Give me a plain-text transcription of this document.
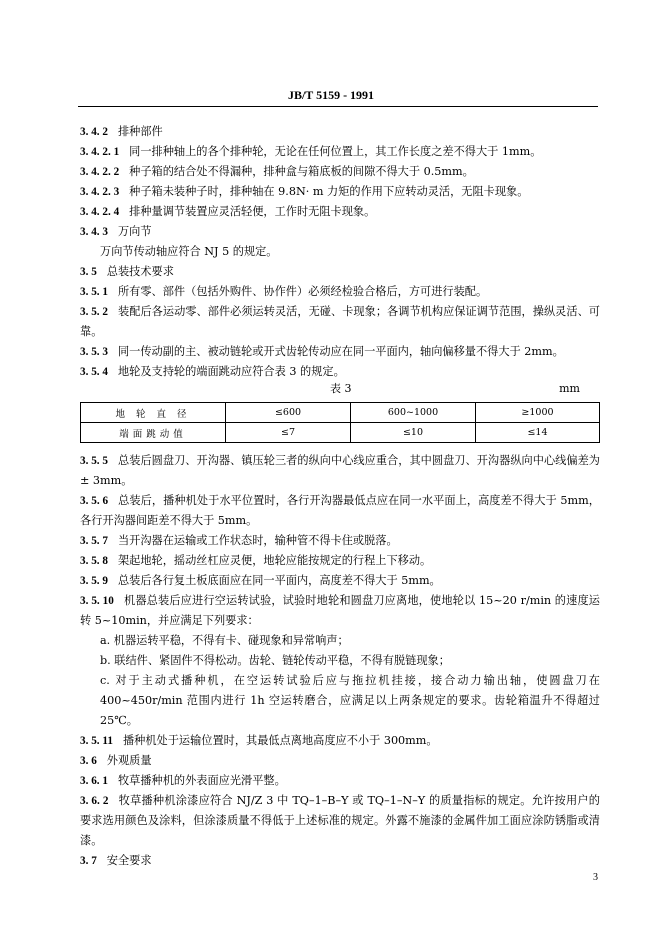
JB/T 5159 - 1991

3. 4. 2 排种部件

3. 4. 2. 1 同一排种轴上的各个排种轮，无论在任何位置上，其工作长度之差不得大于 1mm。

3. 4. 2. 2 种子箱的结合处不得漏种，排种盒与箱底板的间隙不得大于 0.5mm。

3. 4. 2. 3 种子箱未装种子时，排种轴在 9.8N· m 力矩的作用下应转动灵活，无阻卡现象。

3. 4. 2. 4 排种量调节装置应灵活轻便，工作时无阻卡现象。

3. 4. 3 万向节

万向节传动轴应符合 NJ 5 的规定。

3. 5 总装技术要求

3. 5. 1 所有零、部件（包括外购件、协作件）必须经检验合格后，方可进行装配。

3. 5. 2 装配后各运动零、部件必须运转灵活，无碰、卡现象；各调节机构应保证调节范围，操纵灵活、可靠。

3. 5. 3 同一传动副的主、被动链轮或开式齿轮传动应在同一平面内，轴向偏移量不得大于 2mm。

3. 5. 4 地轮及支持轮的端面跳动应符合表 3 的规定。

表 3	mm
地 轮 直 径	≤600	600~1000	≥1000
端面跳动值	≤7	≤10	≤14

3. 5. 5 总装后圆盘刀、开沟器、镇压轮三者的纵向中心线应重合，其中圆盘刀、开沟器纵向中心线偏差为± 3mm。

3. 5. 6 总装后，播种机处于水平位置时，各行开沟器最低点应在同一水平面上，高度差不得大于 5mm，各行开沟器间距差不得大于 5mm。

3. 5. 7 当开沟器在运输或工作状态时，输种管不得卡住或脱落。

3. 5. 8 架起地轮，摇动丝杠应灵便，地轮应能按规定的行程上下移动。

3. 5. 9 总装后各行复土板底面应在同一平面内，高度差不得大于 5mm。

3. 5. 10 机器总装后应进行空运转试验，试验时地轮和圆盘刀应离地，使地轮以 15~20 r/min 的速度运转 5~10min，并应满足下列要求：

a. 机器运转平稳，不得有卡、碰现象和异常响声；

b. 联结件、紧固件不得松动。齿轮、链轮传动平稳，不得有脱链现象；

c. 对于主动式播种机，在空运转试验后应与拖拉机挂接，接合动力输出轴，使圆盘刀在 400~450r/min 范围内进行 1h 空运转磨合，应满足以上两条规定的要求。齿轮箱温升不得超过 25℃。

3. 5. 11 播种机处于运输位置时，其最低点离地高度应不小于 300mm。

3. 6 外观质量

3. 6. 1 牧草播种机的外表面应光滑平整。

3. 6. 2 牧草播种机涂漆应符合 NJ/Z 3 中 TQ–1–B–Y 或 TQ–1–N–Y 的质量指标的规定。允许按用户的要求选用颜色及涂料，但涂漆质量不得低于上述标准的规定。外露不施漆的金属件加工面应涂防锈脂或清漆。

3. 7 安全要求

3
